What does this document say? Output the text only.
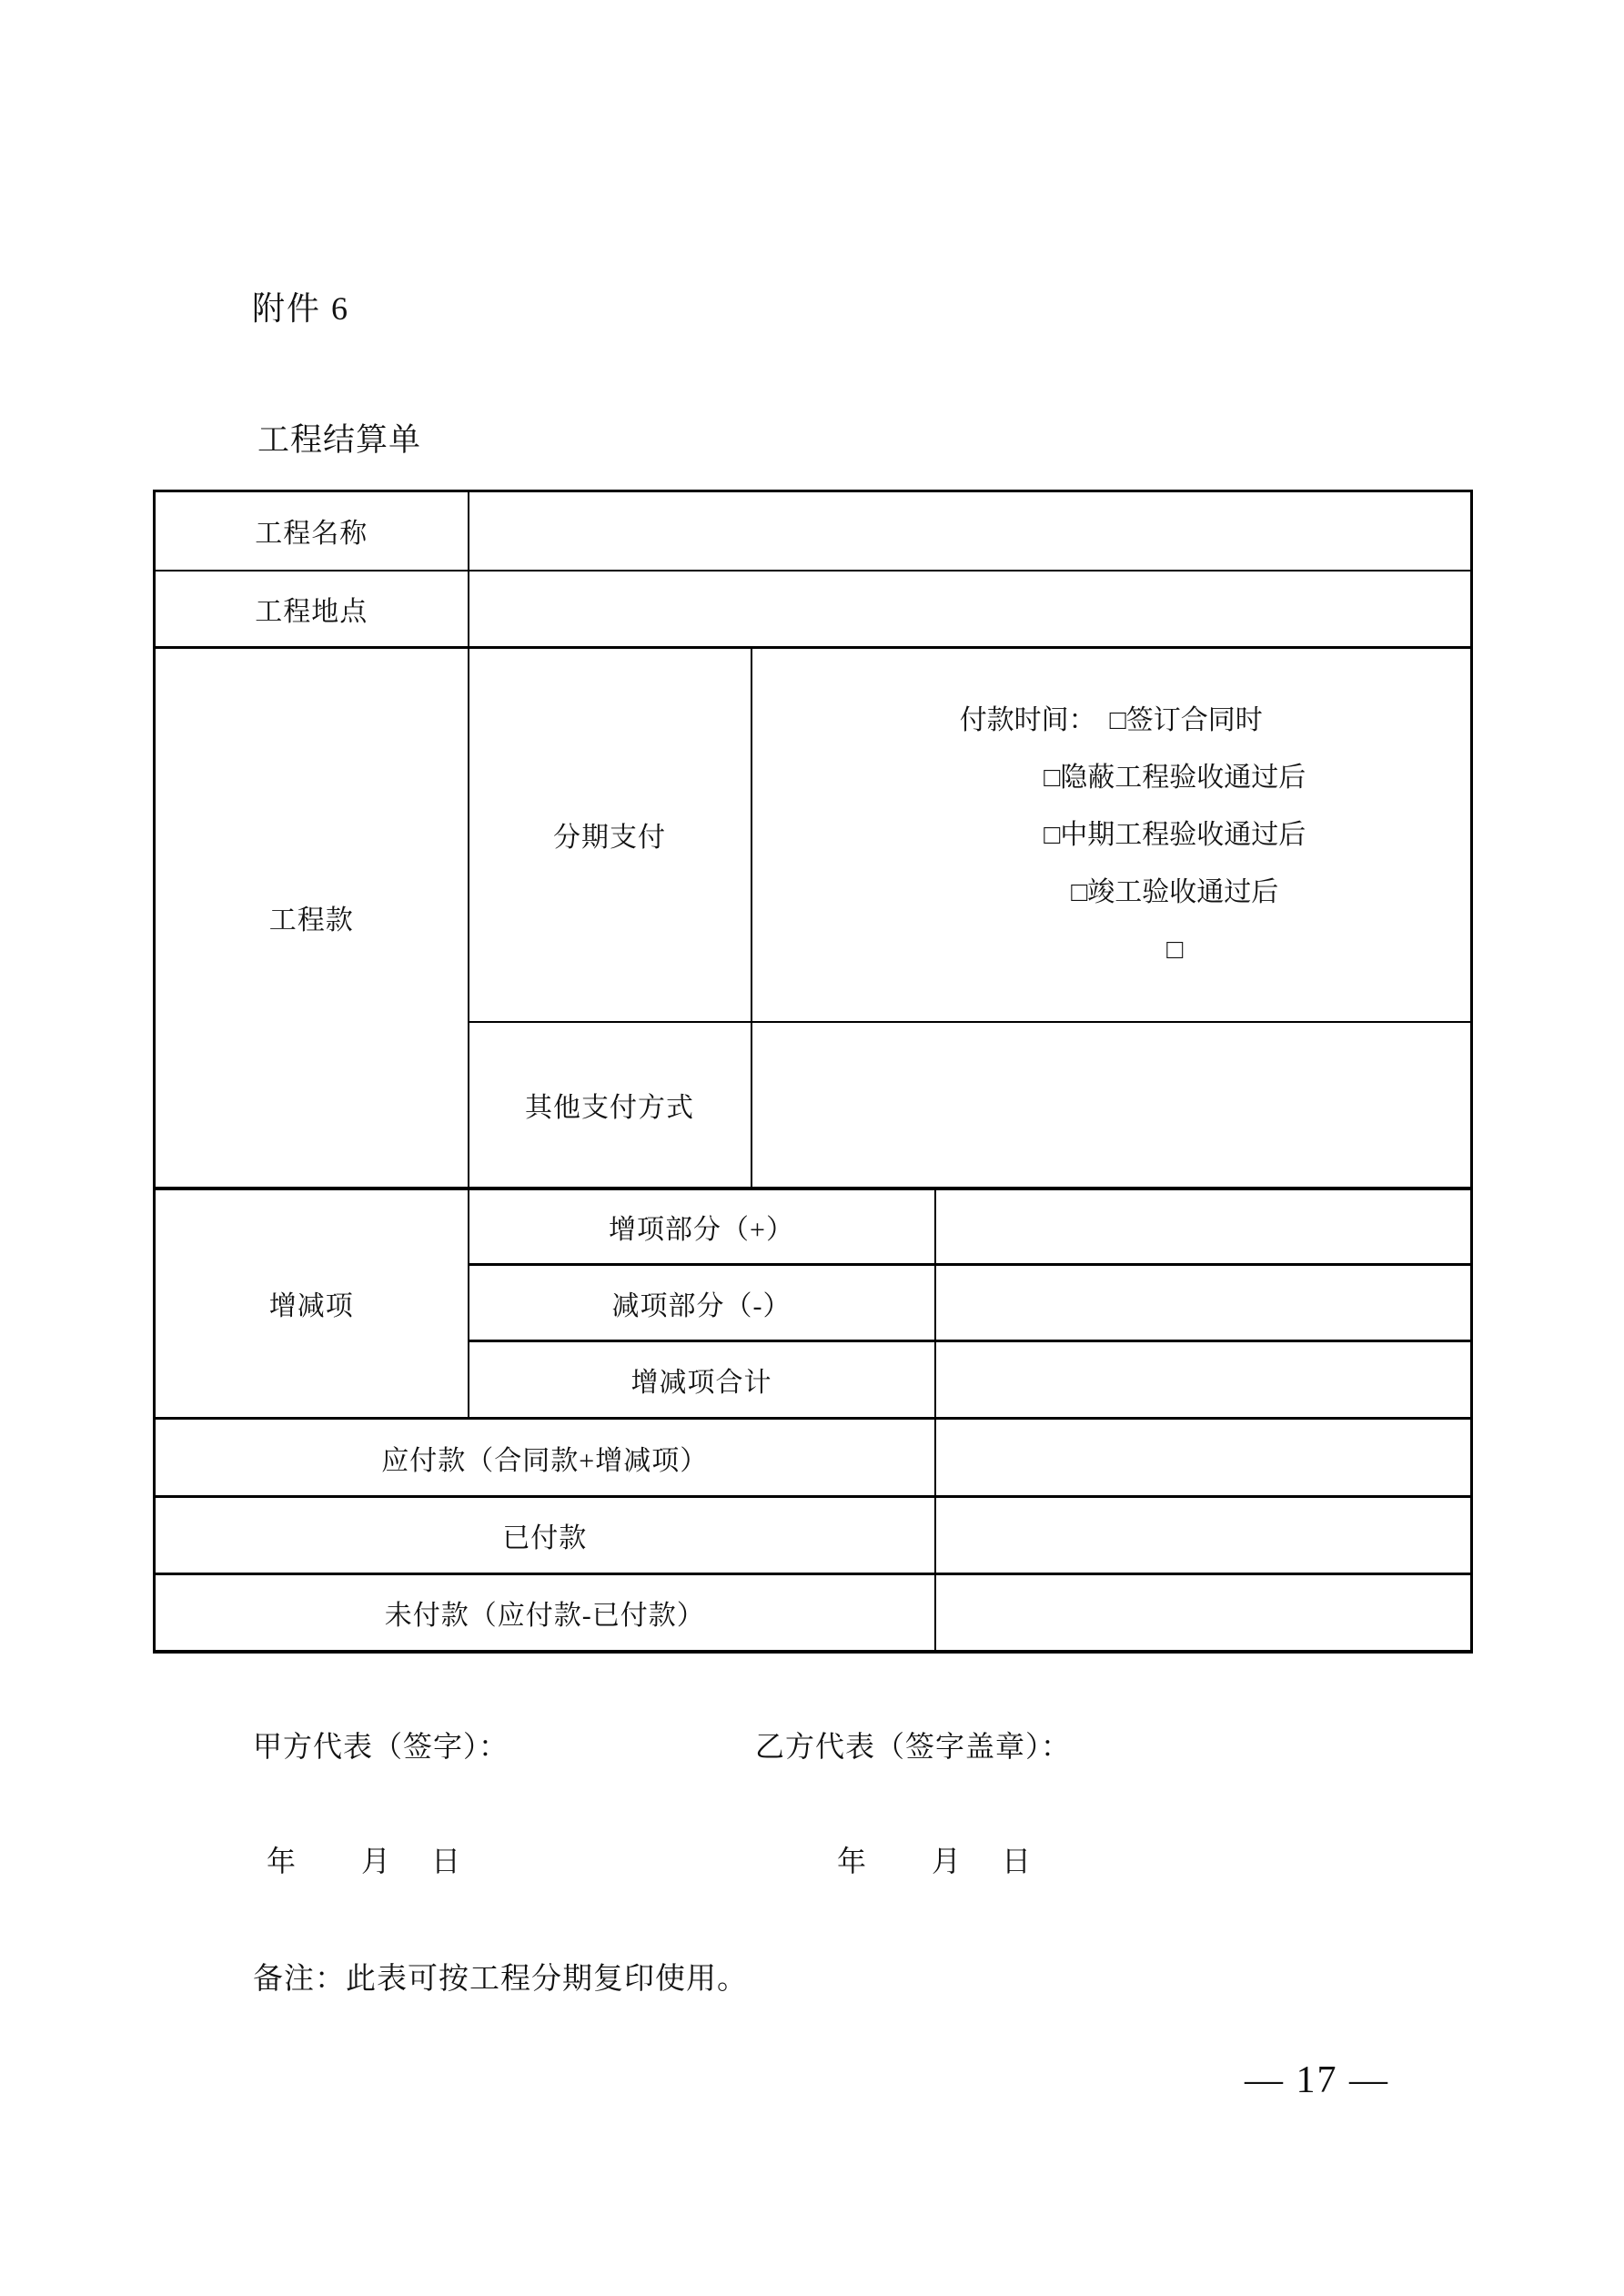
附件 6
工程结算单
工程名称			
工程地点			
工程款	分期支付	付款时间：　□签订合同时
□隐蔽工程验收通过后
□中期工程验收通过后
□竣工验收通过后
□	

	其他支付方式		
增减项	增项部分（+）		
	减项部分（-）		
	增减项合计		
应付款（合同款+增减项）			
已付款			
未付款（应付款-已付款）			
甲方代表（签字）：	乙方代表（签字盖章）：
年 月 日	年 月 日
备注：此表可按工程分期复印使用。
— 17 —
